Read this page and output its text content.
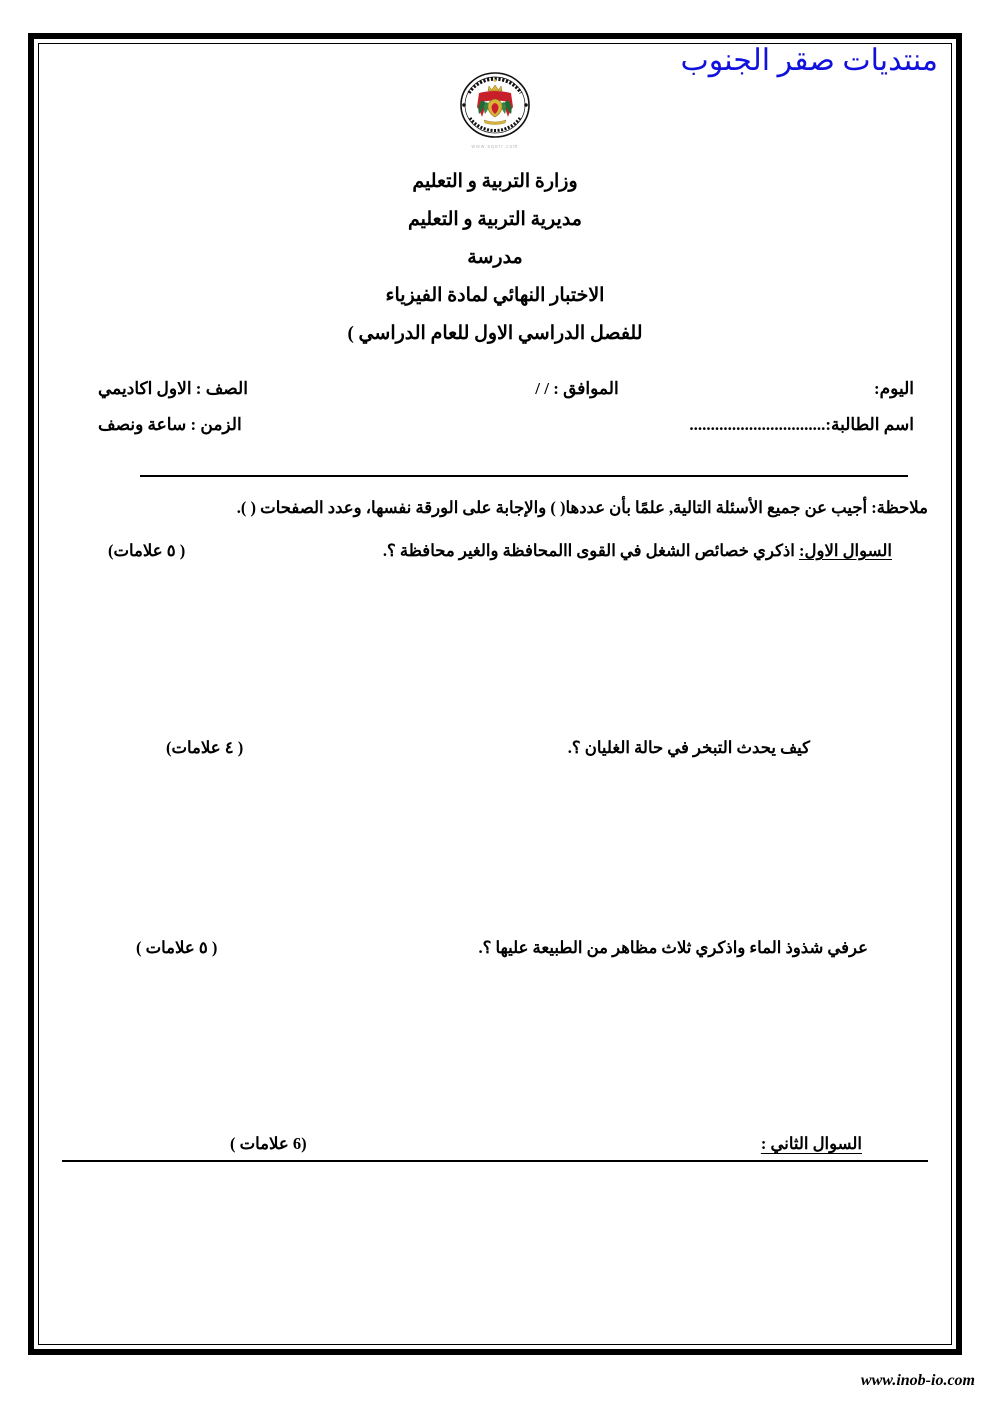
منتديات صقر الجنوب
www.sqorr.com
وزارة التربية و التعليم
مديرية التربية و التعليم
مدرسة
الاختبار النهائي لمادة الفيزياء
للفصل الدراسي الاول للعام الدراسي )
اليوم:
الموافق : / /
الصف : الاول اكاديمي
اسم الطالبة:................................
الزمن : ساعة ونصف
ملاحظة: أجيب عن جميع الأسئلة التالية, علمًا بأن عددها( ) والإجابة على الورقة نفسها، وعدد الصفحات ( ).
السوال الاول: اذكري خصائص الشغل في القوى االمحافظة والغير محافظة ؟.
( ٥ علامات)
كيف يحدث التبخر في حالة الغليان ؟.
( ٤ علامات)
عرفي شذوذ الماء واذكري ثلاث مظاهر من الطبيعة عليها ؟.
( ٥ علامات )
السوال الثاني :
(6 علامات )
www.inob-io.com
